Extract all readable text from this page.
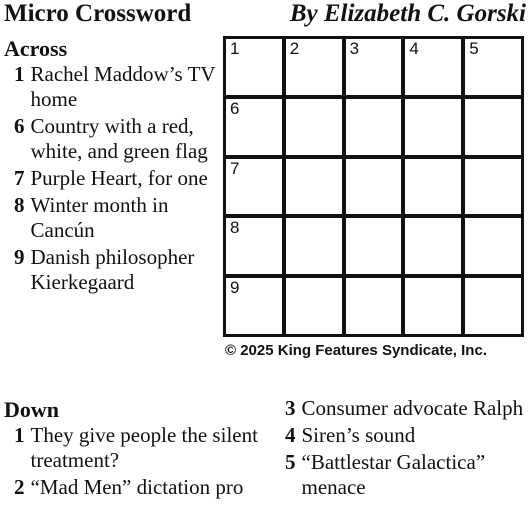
Micro Crossword	By Elizabeth C. Gorski
Across
1 Rachel Maddow’s TV home
6 Country with a red, white, and green flag
7 Purple Heart, for one
8 Winter month in Cancún
9 Danish philosopher Kierkegaard
1	2	3	4	5
6
7
8
9
© 2025 King Features Syndicate, Inc.
Down
1 They give people the silent treatment?
2 “Mad Men” dictation pro
3 Consumer advocate Ralph
4 Siren’s sound
5 “Battlestar Galactica” menace
